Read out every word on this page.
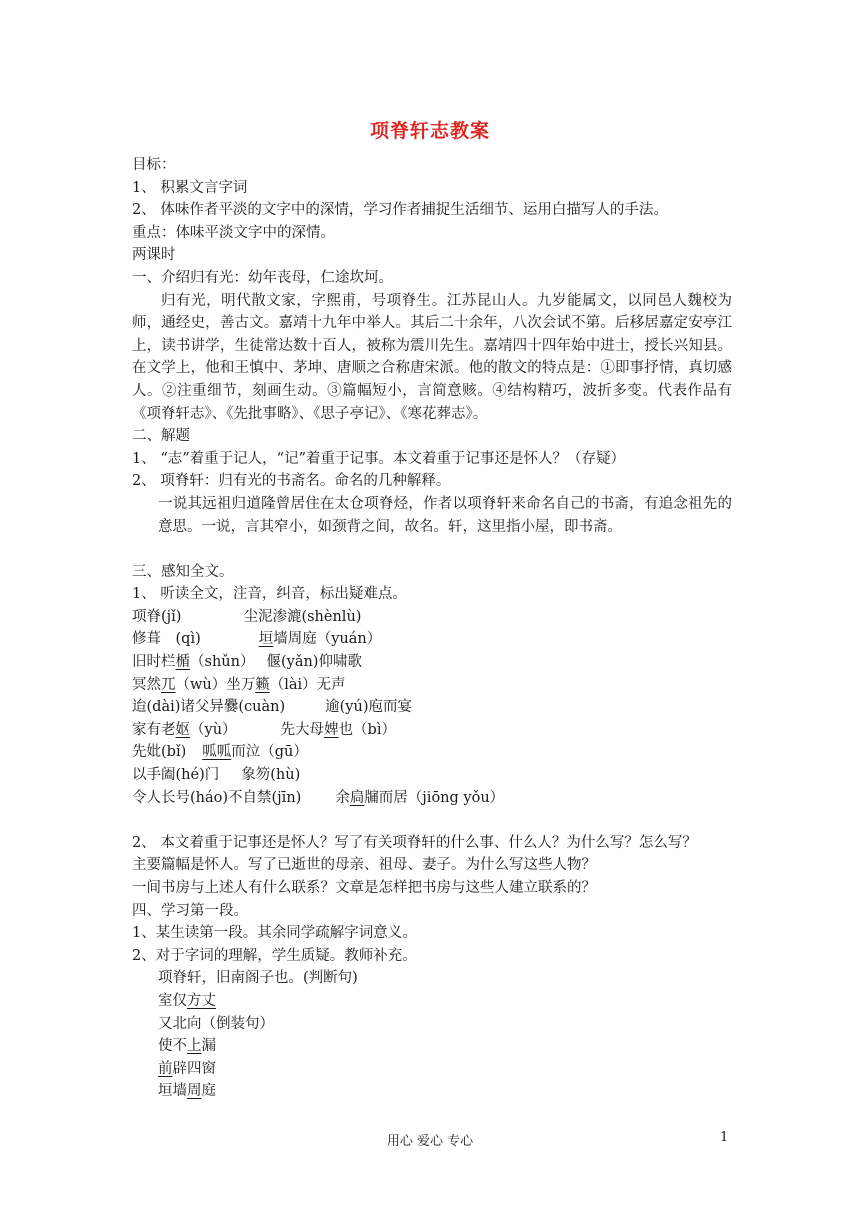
项脊轩志教案
目标：
1、 积累文言字词
2、 体味作者平淡的文字中的深情，学习作者捕捉生活细节、运用白描写人的手法。
重点：体味平淡文字中的深情。
两课时
一、介绍归有光：幼年丧母，仁途坎坷。
归有光，明代散文家，字熙甫，号项脊生。江苏昆山人。九岁能属文，以同邑人魏校为师，通经史，善古文。嘉靖十九年中举人。其后二十余年，八次会试不第。后移居嘉定安亭江上，读书讲学，生徒常达数十百人，被称为震川先生。嘉靖四十四年始中进士，授长兴知县。在文学上，他和王慎中、茅坤、唐顺之合称唐宋派。他的散文的特点是：①即事抒情，真切感人。②注重细节，刻画生动。③篇幅短小，言简意赅。④结构精巧，波折多变。代表作品有《项脊轩志》、《先批事略》、《思子亭记》、《寒花葬志》。
二、解题
1、 “志”着重于记人，“记”着重于记事。本文着重于记事还是怀人？（存疑）
2、 项脊轩：归有光的书斋名。命名的几种解释。
一说其远祖归道隆曾居住在太仓项脊烃，作者以项脊轩来命名自己的书斋，有追念祖先的意思。一说，言其窄小，如颈背之间，故名。轩，这里指小屋，即书斋。
三、感知全文。
1、 听读全文，注音，纠音，标出疑难点。
项脊(jǐ)	尘泥渗漉(shènlù)
修葺　(qì)	垣墙周庭（yuán）
旧时栏楯（shǔn） 偃(yǎn)仰啸歌
冥然兀（wù）坐万籁（lài）无声
迨(dài)诸父异爨(cuàn)	逾(yú)庖而宴
家有老妪（yù）	先大母婢也（bì）
先妣(bǐ) 呱呱而泣（gū）
以手阖(hé)门 象笏(hù)
令人长号(háo)不自禁(jīn) 余扃牖而居（jiōng yǒu）
2、 本文着重于记事还是怀人？写了有关项脊轩的什么事、什么人？为什么写？怎么写？
主要篇幅是怀人。写了已逝世的母亲、祖母、妻子。为什么写这些人物？
一间书房与上述人有什么联系？文章是怎样把书房与这些人建立联系的？
四、学习第一段。
1、某生读第一段。其余同学疏解字词意义。
2、对于字词的理解，学生质疑。教师补充。
项脊轩，旧南阁子也。(判断句)
室仅方丈
又北向（倒装句）
使不上漏
前辟四窗
垣墙周庭
用心 爱心 专心	1
